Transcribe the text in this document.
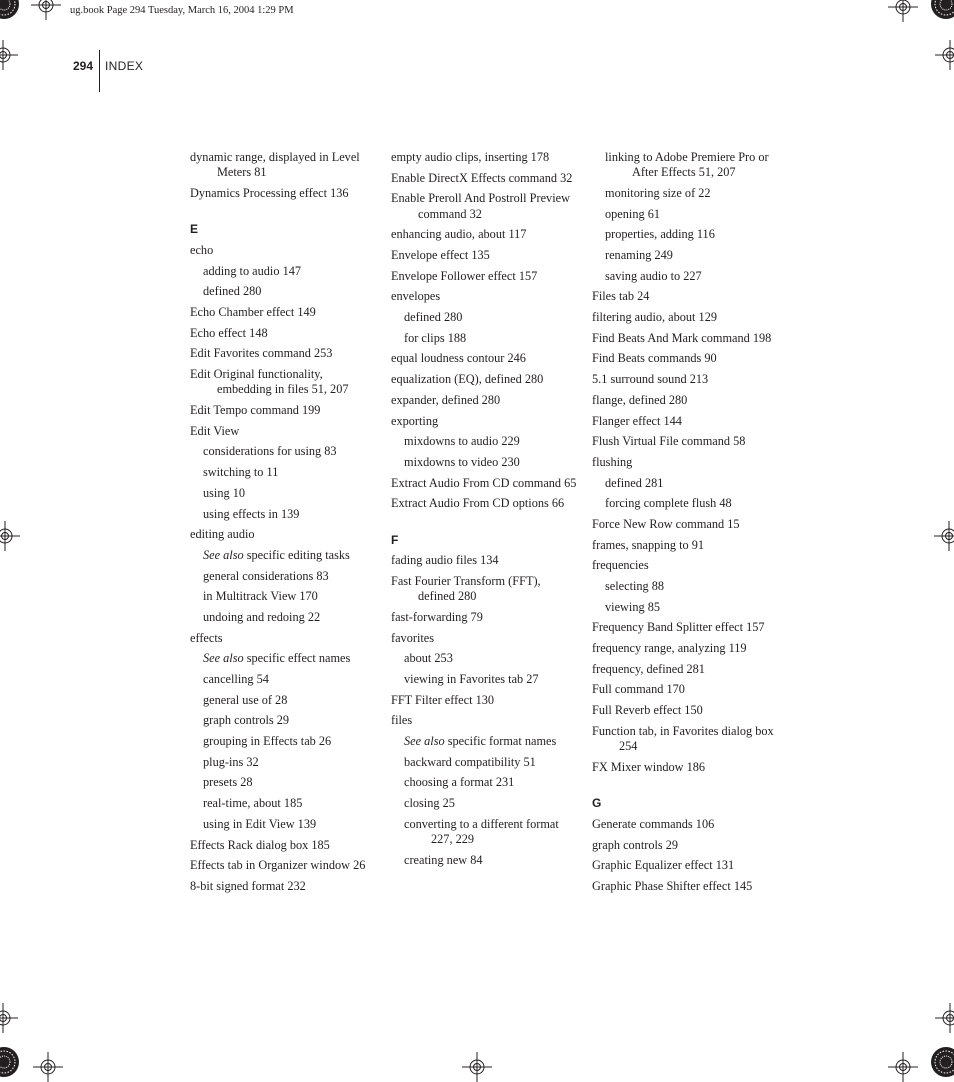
ug.book Page 294 Tuesday, March 16, 2004 1:29 PM
294 INDEX
dynamic range, displayed in Level Meters 81
Dynamics Processing effect 136
E
echo
adding to audio 147
defined 280
Echo Chamber effect 149
Echo effect 148
Edit Favorites command 253
Edit Original functionality, embedding in files 51, 207
Edit Tempo command 199
Edit View
considerations for using 83
switching to 11
using 10
using effects in 139
editing audio
See also specific editing tasks
general considerations 83
in Multitrack View 170
undoing and redoing 22
effects
See also specific effect names
cancelling 54
general use of 28
graph controls 29
grouping in Effects tab 26
plug-ins 32
presets 28
real-time, about 185
using in Edit View 139
Effects Rack dialog box 185
Effects tab in Organizer window 26
8-bit signed format 232
empty audio clips, inserting 178
Enable DirectX Effects command 32
Enable Preroll And Postroll Preview command 32
enhancing audio, about 117
Envelope effect 135
Envelope Follower effect 157
envelopes
defined 280
for clips 188
equal loudness contour 246
equalization (EQ), defined 280
expander, defined 280
exporting
mixdowns to audio 229
mixdowns to video 230
Extract Audio From CD command 65
Extract Audio From CD options 66
F
fading audio files 134
Fast Fourier Transform (FFT), defined 280
fast-forwarding 79
favorites
about 253
viewing in Favorites tab 27
FFT Filter effect 130
files
See also specific format names
backward compatibility 51
choosing a format 231
closing 25
converting to a different format 227, 229
creating new 84
linking to Adobe Premiere Pro or After Effects 51, 207
monitoring size of 22
opening 61
properties, adding 116
renaming 249
saving audio to 227
Files tab 24
filtering audio, about 129
Find Beats And Mark command 198
Find Beats commands 90
5.1 surround sound 213
flange, defined 280
Flanger effect 144
Flush Virtual File command 58
flushing
defined 281
forcing complete flush 48
Force New Row command 15
frames, snapping to 91
frequencies
selecting 88
viewing 85
Frequency Band Splitter effect 157
frequency range, analyzing 119
frequency, defined 281
Full command 170
Full Reverb effect 150
Function tab, in Favorites dialog box 254
FX Mixer window 186
G
Generate commands 106
graph controls 29
Graphic Equalizer effect 131
Graphic Phase Shifter effect 145
